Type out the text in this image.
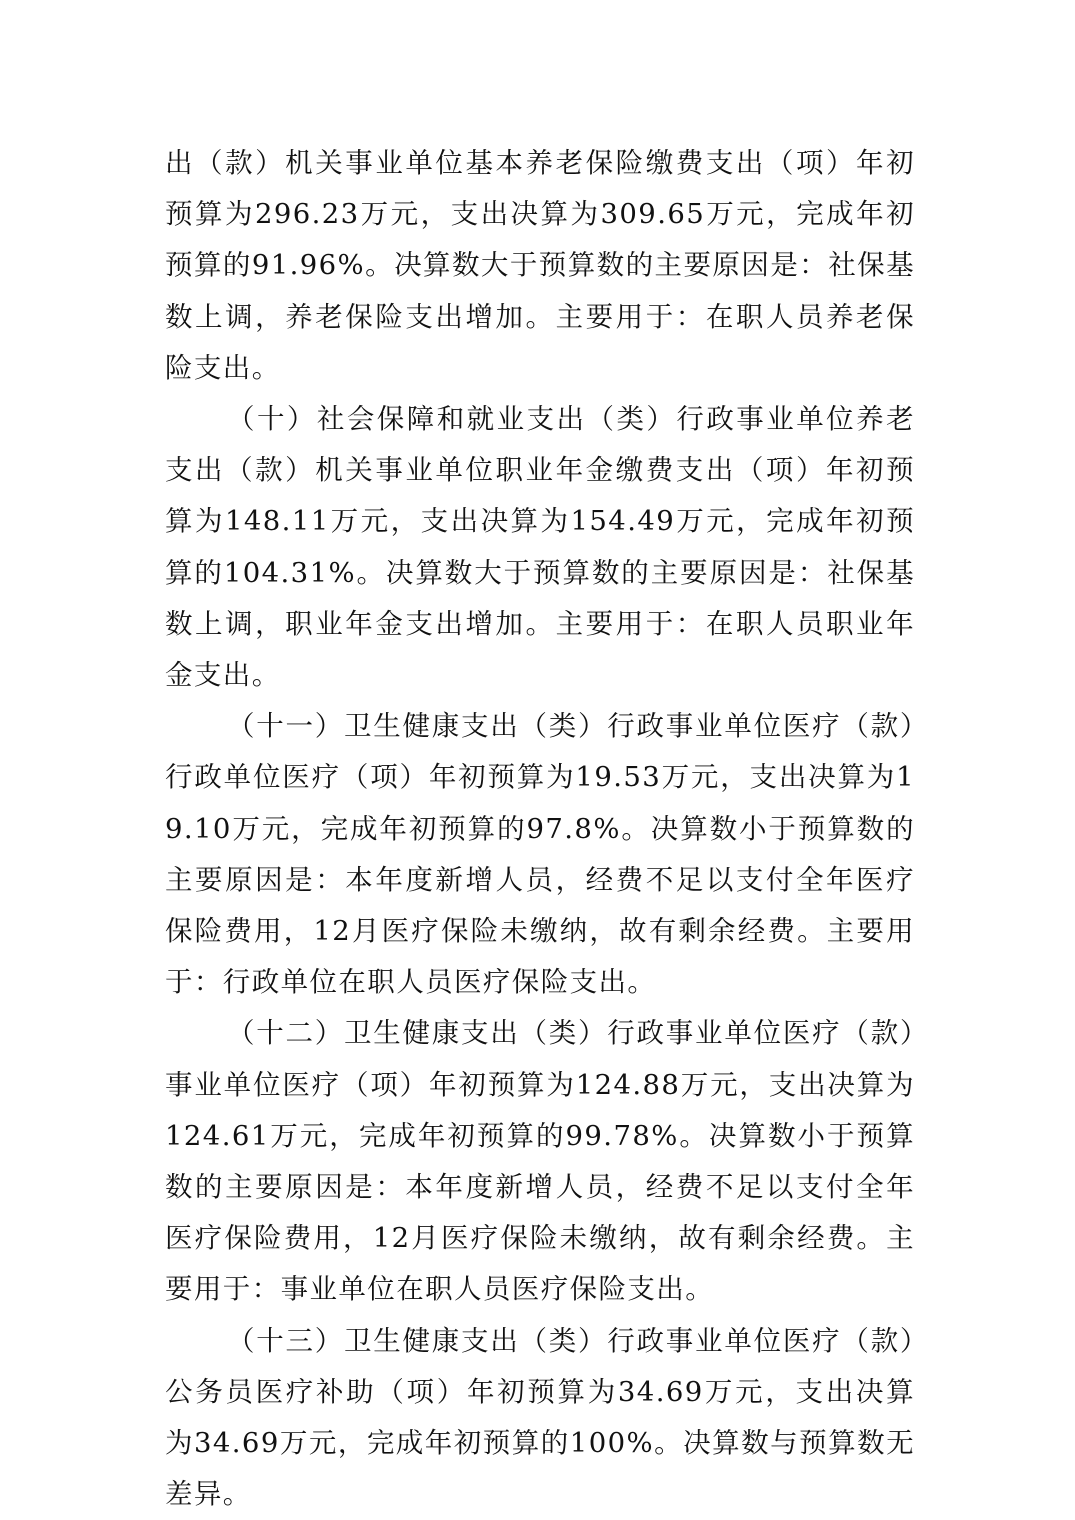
出（款）机关事业单位基本养老保险缴费支出（项）年初预算为296.23万元，支出决算为309.65万元，完成年初预算的91.96%。决算数大于预算数的主要原因是：社保基数上调，养老保险支出增加。主要用于：在职人员养老保险支出。

（十）社会保障和就业支出（类）行政事业单位养老支出（款）机关事业单位职业年金缴费支出（项）年初预算为148.11万元，支出决算为154.49万元，完成年初预算的104.31%。决算数大于预算数的主要原因是：社保基数上调，职业年金支出增加。主要用于：在职人员职业年金支出。

（十一）卫生健康支出（类）行政事业单位医疗（款）行政单位医疗（项）年初预算为19.53万元，支出决算为19.10万元，完成年初预算的97.8%。决算数小于预算数的主要原因是：本年度新增人员，经费不足以支付全年医疗保险费用，12月医疗保险未缴纳，故有剩余经费。主要用于：行政单位在职人员医疗保险支出。

（十二）卫生健康支出（类）行政事业单位医疗（款）事业单位医疗（项）年初预算为124.88万元，支出决算为124.61万元，完成年初预算的99.78%。决算数小于预算数的主要原因是：本年度新增人员，经费不足以支付全年医疗保险费用，12月医疗保险未缴纳，故有剩余经费。主要用于：事业单位在职人员医疗保险支出。

（十三）卫生健康支出（类）行政事业单位医疗（款）公务员医疗补助（项）年初预算为34.69万元，支出决算为34.69万元，完成年初预算的100%。决算数与预算数无差异。
